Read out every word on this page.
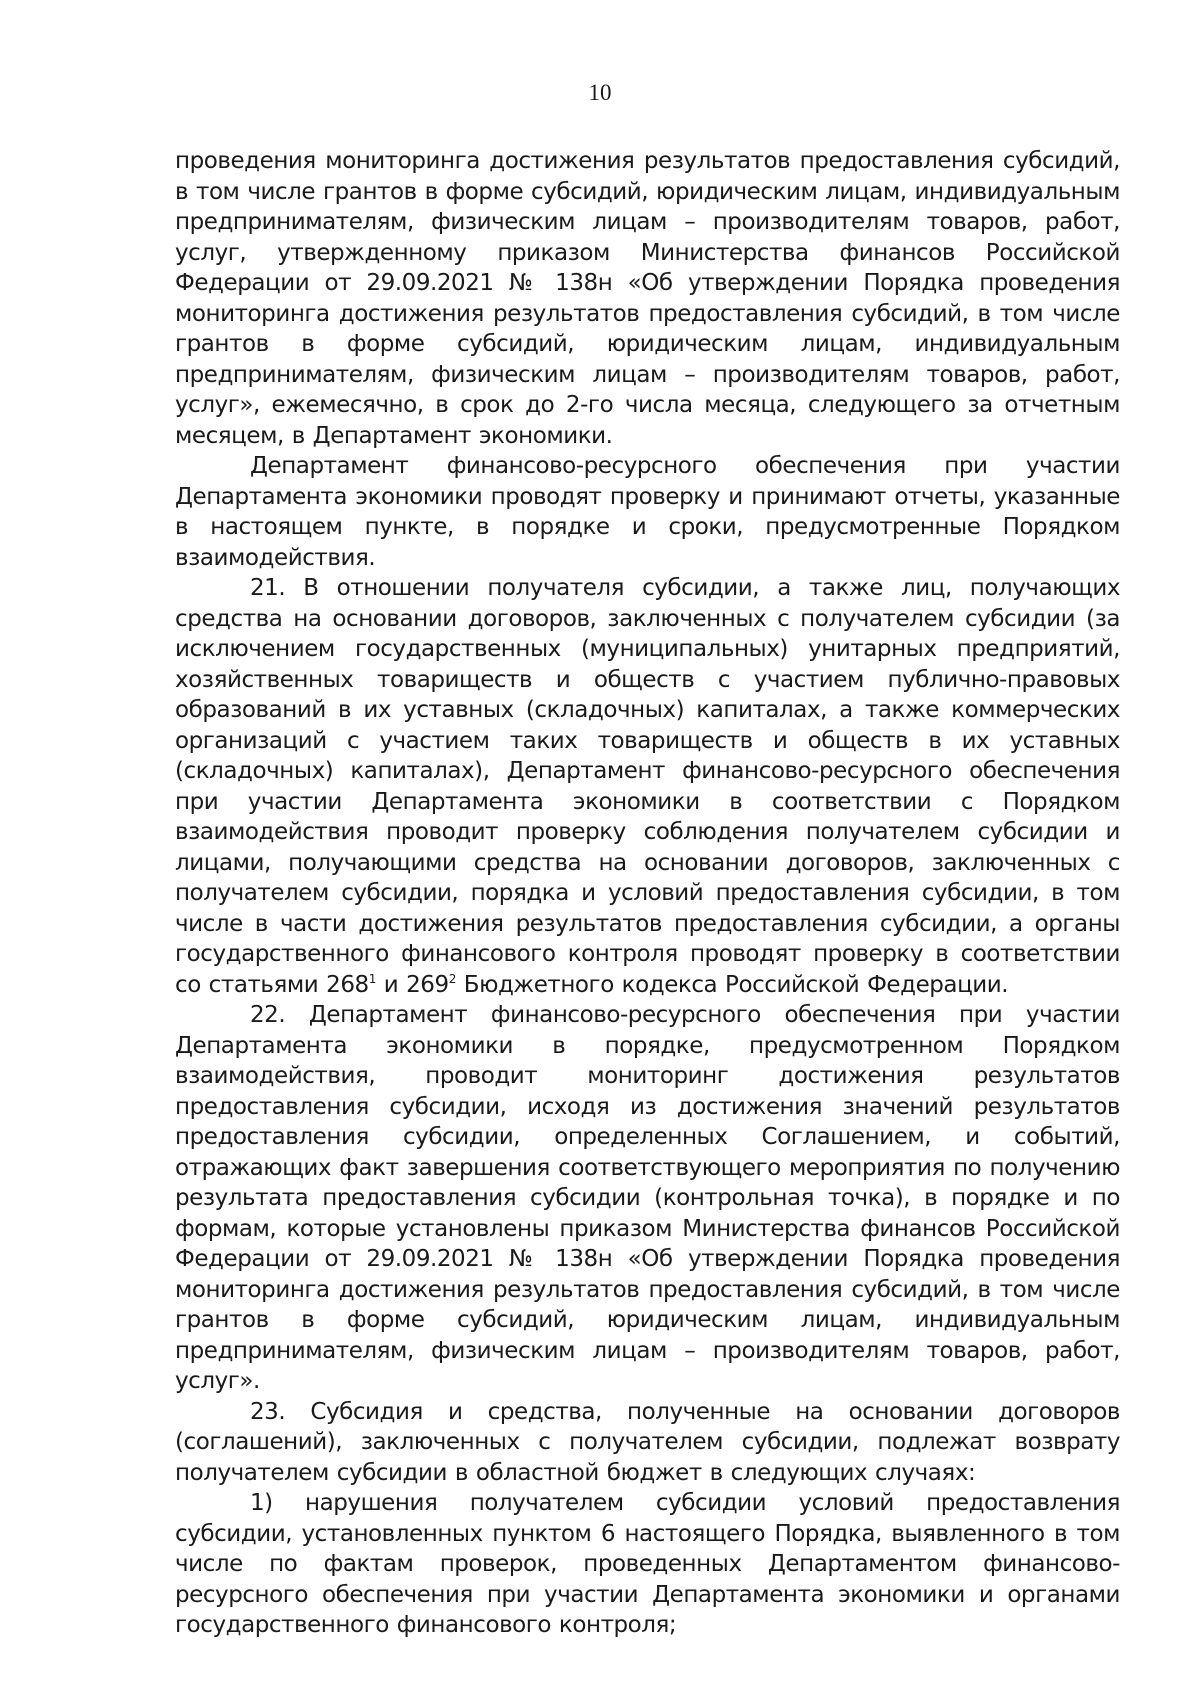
10

проведения мониторинга достижения результатов предоставления субсидий, в том числе грантов в форме субсидий, юридическим лицам, индивидуальным предпринимателям, физическим лицам – производителям товаров, работ, услуг, утвержденному приказом Министерства финансов Российской Федерации от 29.09.2021 № 138н «Об утверждении Порядка проведения мониторинга достижения результатов предоставления субсидий, в том числе грантов в форме субсидий, юридическим лицам, индивидуальным предпринимателям, физическим лицам – производителям товаров, работ, услуг», ежемесячно, в срок до 2-го числа месяца, следующего за отчетным месяцем, в Департамент экономики.

Департамент финансово-ресурсного обеспечения при участии Департамента экономики проводят проверку и принимают отчеты, указанные в настоящем пункте, в порядке и сроки, предусмотренные Порядком взаимодействия.

21. В отношении получателя субсидии, а также лиц, получающих средства на основании договоров, заключенных с получателем субсидии (за исключением государственных (муниципальных) унитарных предприятий, хозяйственных товариществ и обществ с участием публично-правовых образований в их уставных (складочных) капиталах, а также коммерческих организаций с участием таких товариществ и обществ в их уставных (складочных) капиталах), Департамент финансово-ресурсного обеспечения при участии Департамента экономики в соответствии с Порядком взаимодействия проводит проверку соблюдения получателем субсидии и лицами, получающими средства на основании договоров, заключенных с получателем субсидии, порядка и условий предоставления субсидии, в том числе в части достижения результатов предоставления субсидии, а органы государственного финансового контроля проводят проверку в соответствии со статьями $268^1$ и $269^2$ Бюджетного кодекса Российской Федерации.

22. Департамент финансово-ресурсного обеспечения при участии Департамента экономики в порядке, предусмотренном Порядком взаимодействия, проводит мониторинг достижения результатов предоставления субсидии, исходя из достижения значений результатов предоставления субсидии, определенных Соглашением, и событий, отражающих факт завершения соответствующего мероприятия по получению результата предоставления субсидии (контрольная точка), в порядке и по формам, которые установлены приказом Министерства финансов Российской Федерации от 29.09.2021 № 138н «Об утверждении Порядка проведения мониторинга достижения результатов предоставления субсидий, в том числе грантов в форме субсидий, юридическим лицам, индивидуальным предпринимателям, физическим лицам – производителям товаров, работ, услуг».

23. Субсидия и средства, полученные на основании договоров (соглашений), заключенных с получателем субсидии, подлежат возврату получателем субсидии в областной бюджет в следующих случаях:

1) нарушения получателем субсидии условий предоставления субсидии, установленных пунктом 6 настоящего Порядка, выявленного в том числе по фактам проверок, проведенных Департаментом финансово-ресурсного обеспечения при участии Департамента экономики и органами государственного финансового контроля;
